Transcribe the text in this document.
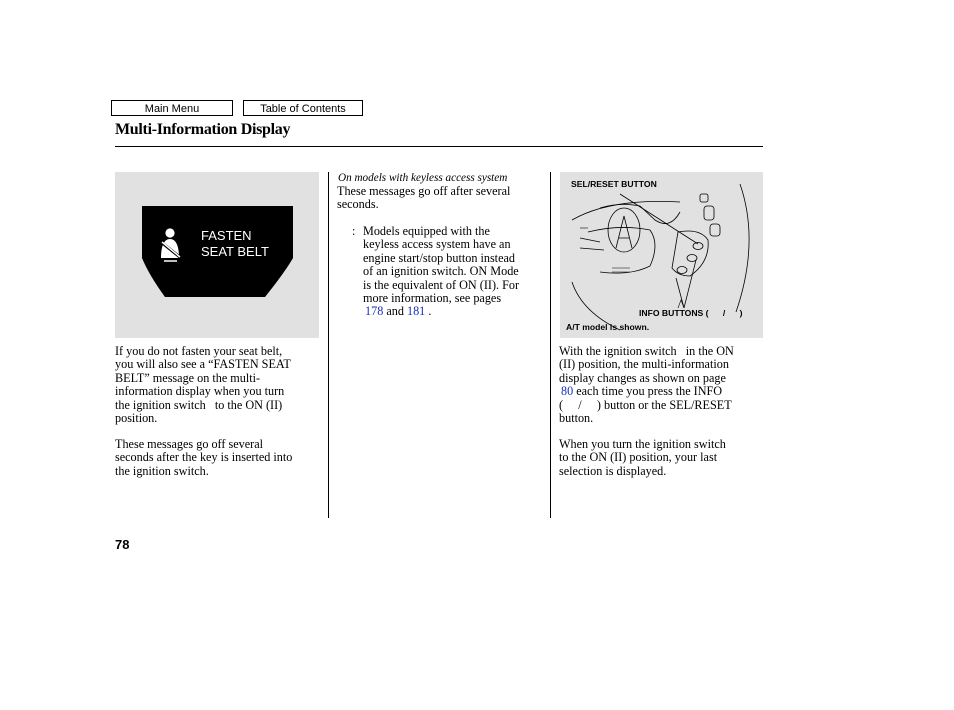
Main Menu	Table of Contents
Multi-Information Display
FASTEN
SEAT BELT
If you do not fasten your seat belt,
you will also see a “FASTEN SEAT
BELT” message on the multi-
information display when you turn
the ignition switch   to the ON (II)
position.
These messages go off several
seconds after the key is inserted into
the ignition switch.
On models with keyless access system
These messages go off after several
seconds.
: Models equipped with the
keyless access system have an
engine start/stop button instead
of an ignition switch. ON Mode
is the equivalent of ON (II). For
more information, see pages
178 and 181 .
SEL/RESET BUTTON
INFO BUTTONS (      /      )
A/T model is shown.
With the ignition switch   in the ON
(II) position, the multi-information
display changes as shown on page
80 each time you press the INFO
(     /     ) button or the SEL/RESET
button.
When you turn the ignition switch
to the ON (II) position, your last
selection is displayed.
78
